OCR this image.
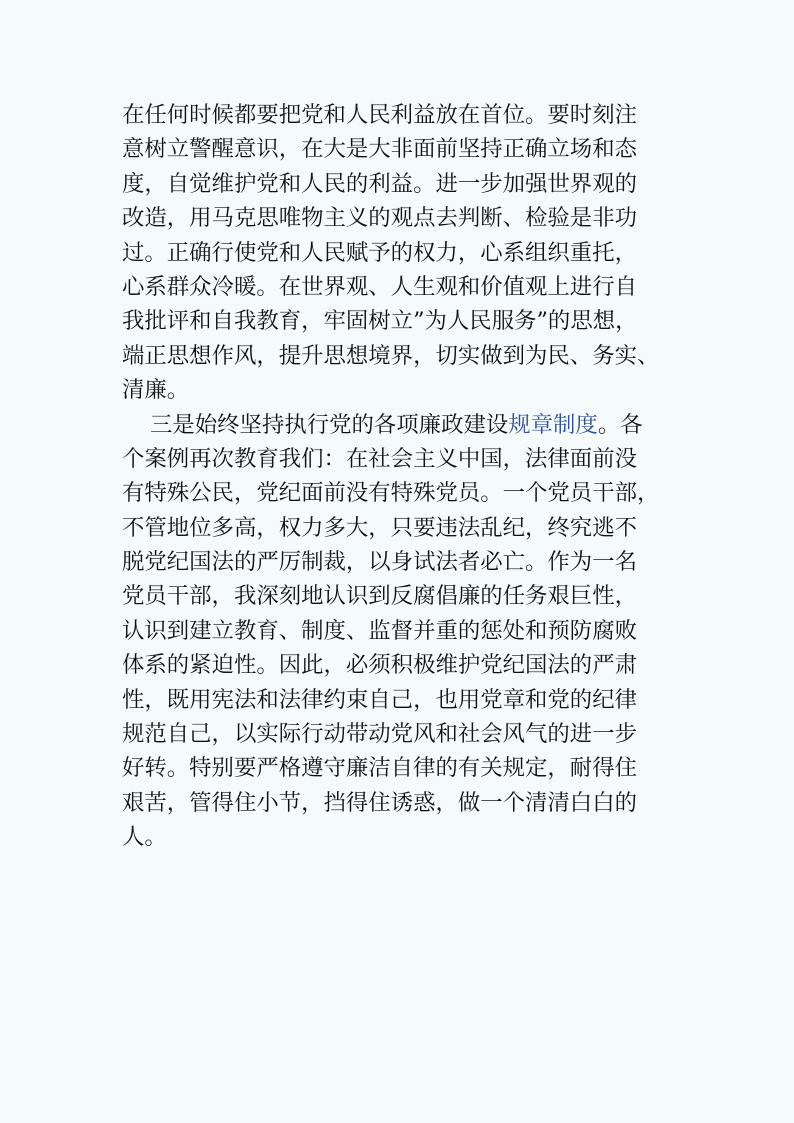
在任何时候都要把党和人民利益放在首位。要时刻注
意树立警醒意识，在大是大非面前坚持正确立场和态
度，自觉维护党和人民的利益。进一步加强世界观的
改造，用马克思唯物主义的观点去判断、检验是非功
过。正确行使党和人民赋予的权力，心系组织重托，
心系群众冷暖。在世界观、人生观和价值观上进行自
我批评和自我教育，牢固树立”为人民服务”的思想，
端正思想作风，提升思想境界，切实做到为民、务实、
清廉。
三是始终坚持执行党的各项廉政建设规章制度。各
个案例再次教育我们：在社会主义中国，法律面前没
有特殊公民，党纪面前没有特殊党员。一个党员干部，
不管地位多高，权力多大，只要违法乱纪，终究逃不
脱党纪国法的严厉制裁，以身试法者必亡。作为一名
党员干部，我深刻地认识到反腐倡廉的任务艰巨性，
认识到建立教育、制度、监督并重的惩处和预防腐败
体系的紧迫性。因此，必须积极维护党纪国法的严肃
性，既用宪法和法律约束自己，也用党章和党的纪律
规范自己，以实际行动带动党风和社会风气的进一步
好转。特别要严格遵守廉洁自律的有关规定，耐得住
艰苦，管得住小节，挡得住诱惑，做一个清清白白的
人。
